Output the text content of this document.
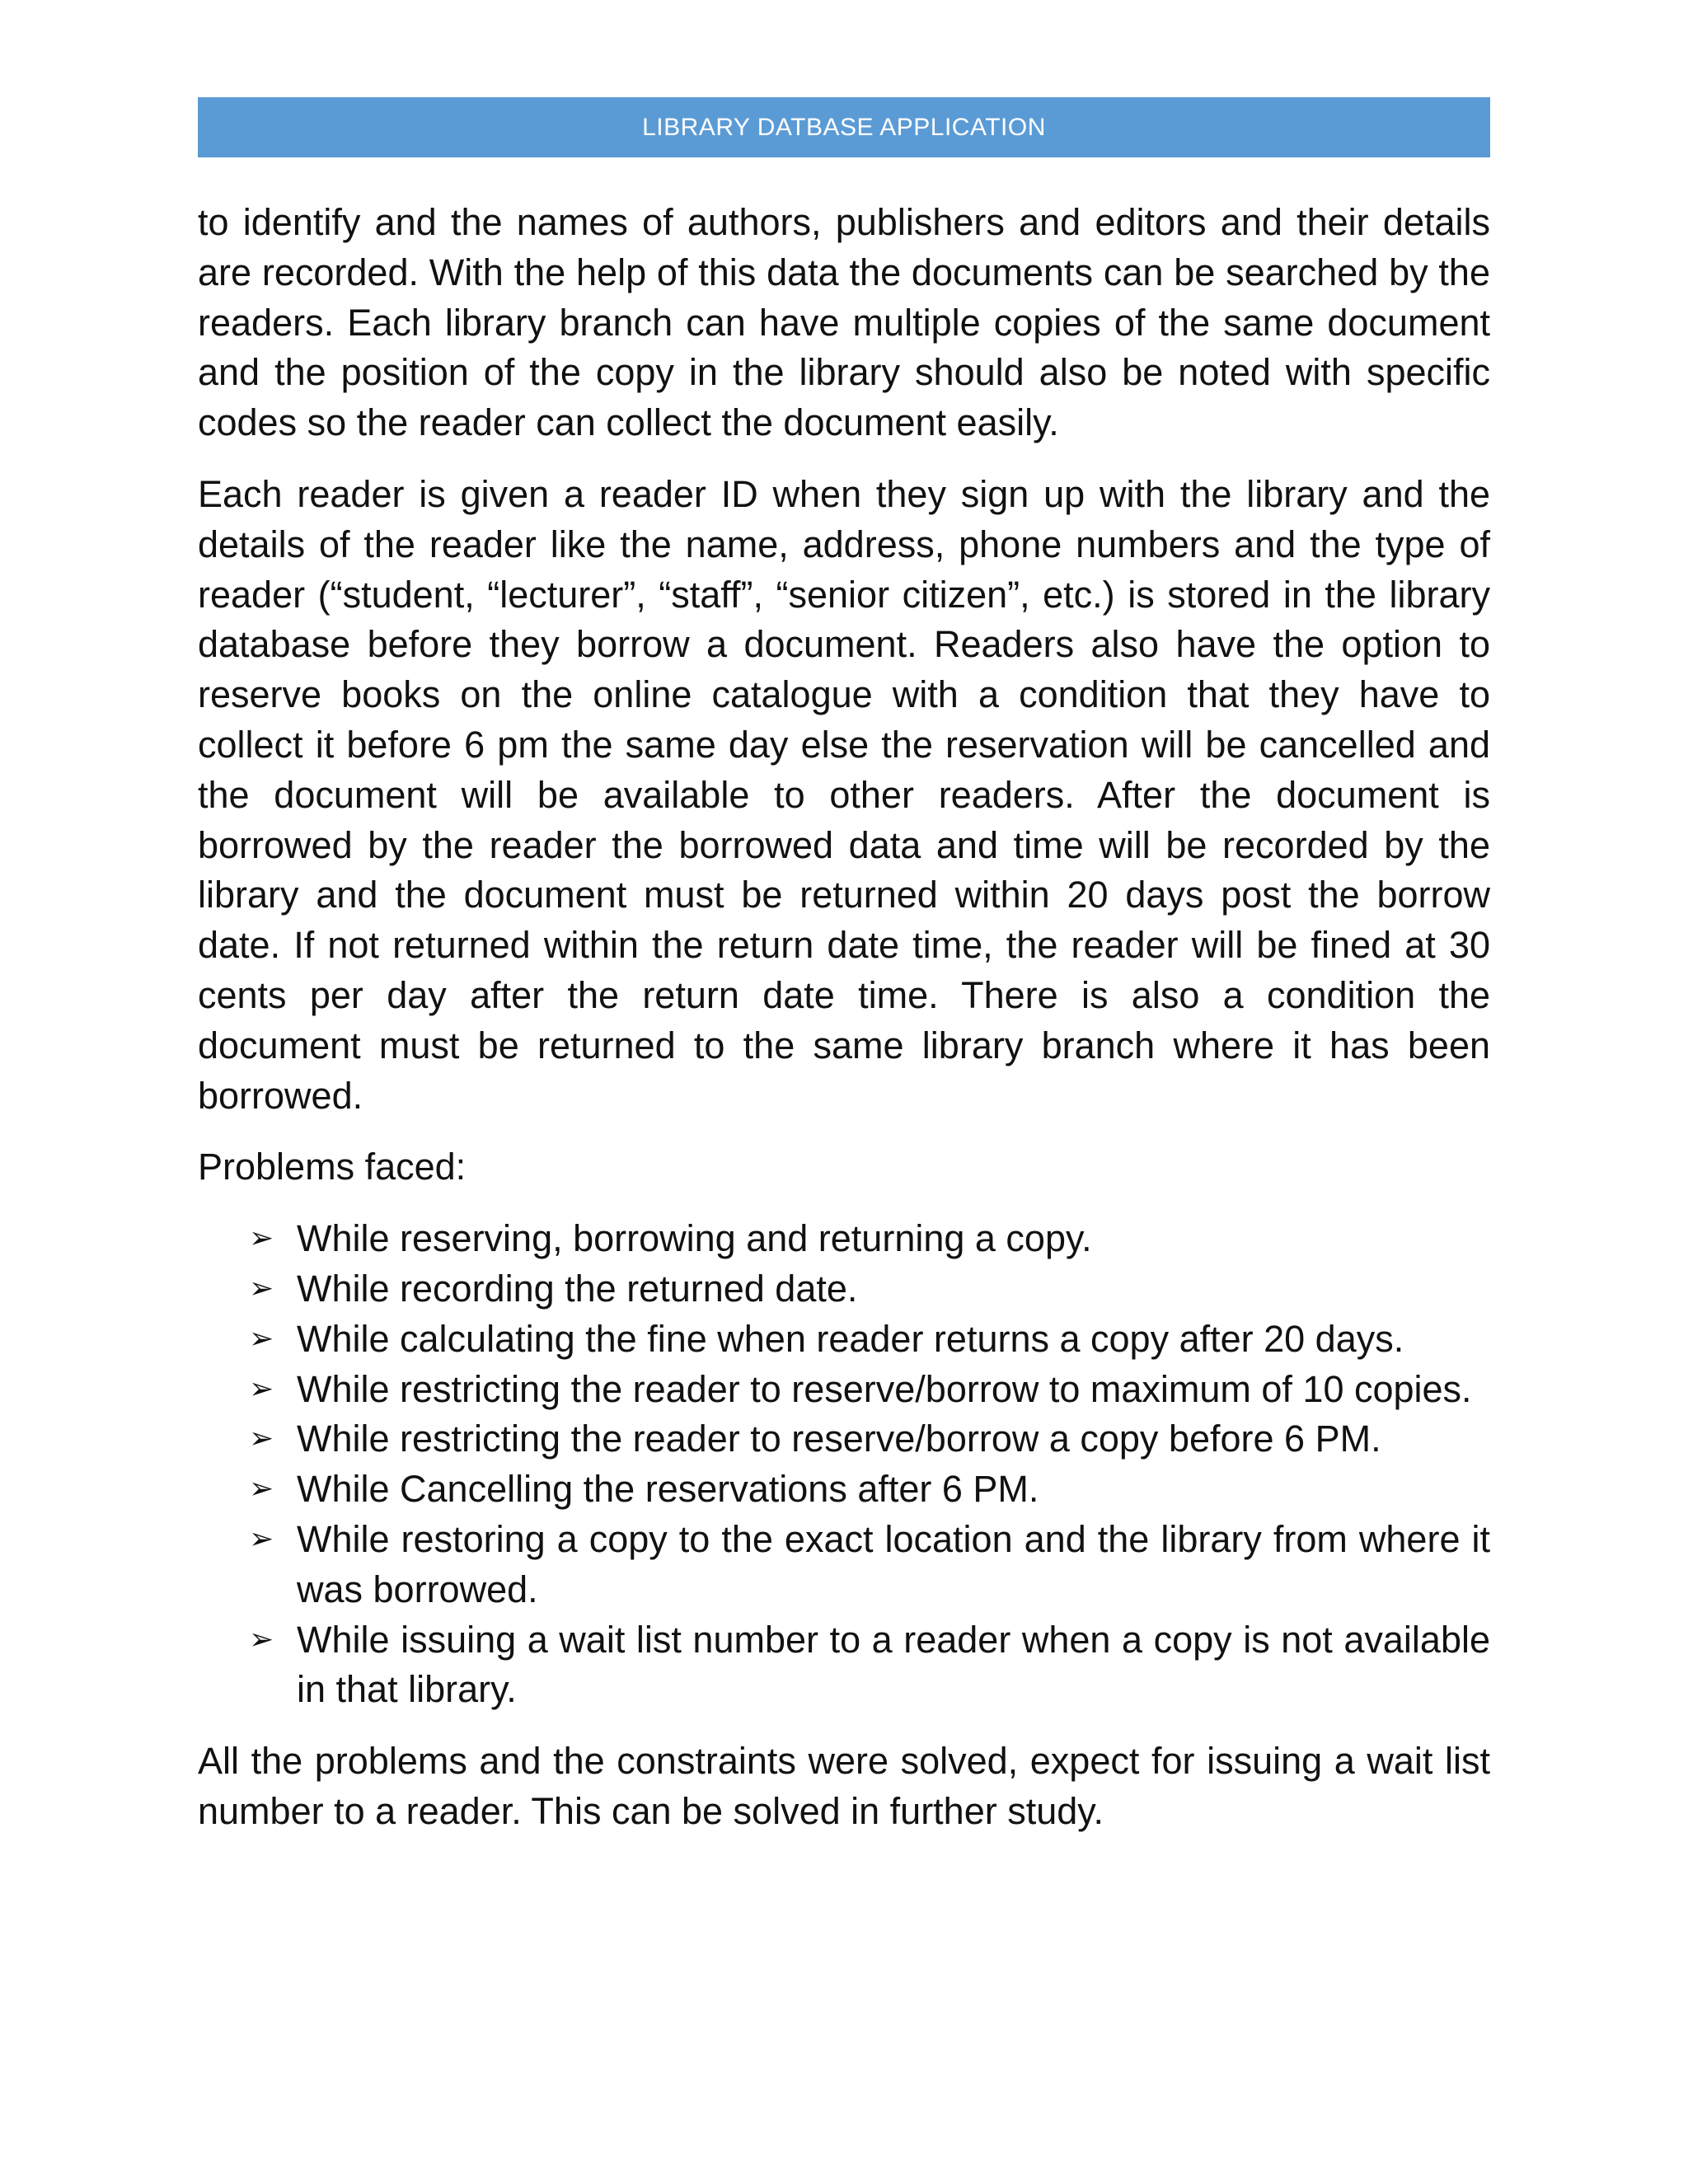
LIBRARY DATBASE APPLICATION

to identify and the names of authors, publishers and editors and their details are recorded. With the help of this data the documents can be searched by the readers. Each library branch can have multiple copies of the same document and the position of the copy in the library should also be noted with specific codes so the reader can collect the document easily.

Each reader is given a reader ID when they sign up with the library and the details of the reader like the name, address, phone numbers and the type of reader (“student, “lecturer”, “staff”, “senior citizen”, etc.) is stored in the library database before they borrow a document. Readers also have the option to reserve books on the online catalogue with a condition that they have to collect it before 6 pm the same day else the reservation will be cancelled and the document will be available to other readers. After the document is borrowed by the reader the borrowed data and time will be recorded by the library and the document must be returned within 20 days post the borrow date. If not returned within the return date time, the reader will be fined at 30 cents per day after the return date time. There is also a condition the document must be returned to the same library branch where it has been borrowed.

Problems faced:

➢ While reserving, borrowing and returning a copy.
➢ While recording the returned date.
➢ While calculating the fine when reader returns a copy after 20 days.
➢ While restricting the reader to reserve/borrow to maximum of 10 copies.
➢ While restricting the reader to reserve/borrow a copy before 6 PM.
➢ While Cancelling the reservations after 6 PM.
➢ While restoring a copy to the exact location and the library from where it was borrowed.
➢ While issuing a wait list number to a reader when a copy is not available in that library.

All the problems and the constraints were solved, expect for issuing a wait list number to a reader. This can be solved in further study.
